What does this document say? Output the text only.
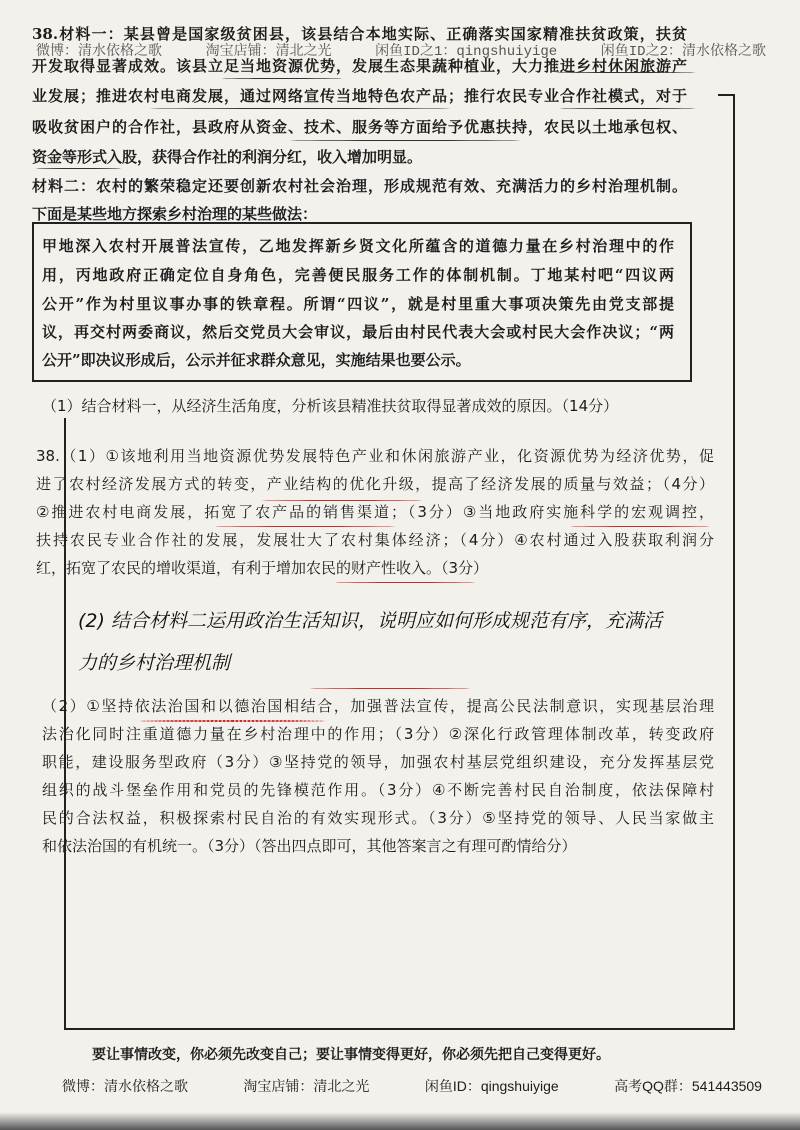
38.材料一：某县曾是国家级贫困县，该县结合本地实际、正确落实国家精准扶贫政策，扶贫
微博：清水依格之歌	淘宝店铺：清北之光	闲鱼ID之1：qingshuiyige	闲鱼ID之2：清水依格之歌
开发取得显著成效。该县立足当地资源优势，发展生态果蔬种植业，大力推进乡村休闲旅游产
业发展；推进农村电商发展，通过网络宣传当地特色农产品；推行农民专业合作社模式，对于
吸收贫困户的合作社，县政府从资金、技术、服务等方面给予优惠扶持，农民以土地承包权、
资金等形式入股，获得合作社的利润分红，收入增加明显。
材料二：农村的繁荣稳定还要创新农村社会治理，形成规范有效、充满活力的乡村治理机制。
下面是某些地方探索乡村治理的某些做法：
甲地深入农村开展普法宣传，乙地发挥新乡贤文化所蕴含的道德力量在乡村治理中的作
用，丙地政府正确定位自身角色，完善便民服务工作的体制机制。丁地某村吧“四议两
公开”作为村里议事办事的铁章程。所谓“四议”，就是村里重大事项决策先由党支部提
议，再交村两委商议，然后交党员大会审议，最后由村民代表大会或村民大会作决议；“两
公开”即决议形成后，公示并征求群众意见，实施结果也要公示。
（1）结合材料一，从经济生活角度，分析该县精准扶贫取得显著成效的原因。（14分）
38.（1）①该地利用当地资源优势发展特色产业和休闲旅游产业，化资源优势为经济优势，促
进了农村经济发展方式的转变，产业结构的优化升级，提高了经济发展的质量与效益；（4分）
②推进农村电商发展，拓宽了农产品的销售渠道；（3分）③当地政府实施科学的宏观调控，
扶持农民专业合作社的发展，发展壮大了农村集体经济；（4分）④农村通过入股获取利润分
红，拓宽了农民的增收渠道，有利于增加农民的财产性收入。（3分）
(2) 结合材料二运用政治生活知识，说明应如何形成规范有序，充满活
力的乡村治理机制
（2）①坚持依法治国和以德治国相结合，加强普法宣传，提高公民法制意识，实现基层治理
法治化同时注重道德力量在乡村治理中的作用；（3分）②深化行政管理体制改革，转变政府
职能，建设服务型政府（3分）③坚持党的领导，加强农村基层党组织建设，充分发挥基层党
组织的战斗堡垒作用和党员的先锋模范作用。（3分）④不断完善村民自治制度，依法保障村
民的合法权益，积极探索村民自治的有效实现形式。（3分）⑤坚持党的领导、人民当家做主
和依法治国的有机统一。（3分）（答出四点即可，其他答案言之有理可酌情给分）
要让事情改变，你必须先改变自己；要让事情变得更好，你必须先把自己变得更好。
微博：清水依格之歌	淘宝店铺：清北之光	闲鱼ID：qingshuiyige	高考QQ群：541443509
